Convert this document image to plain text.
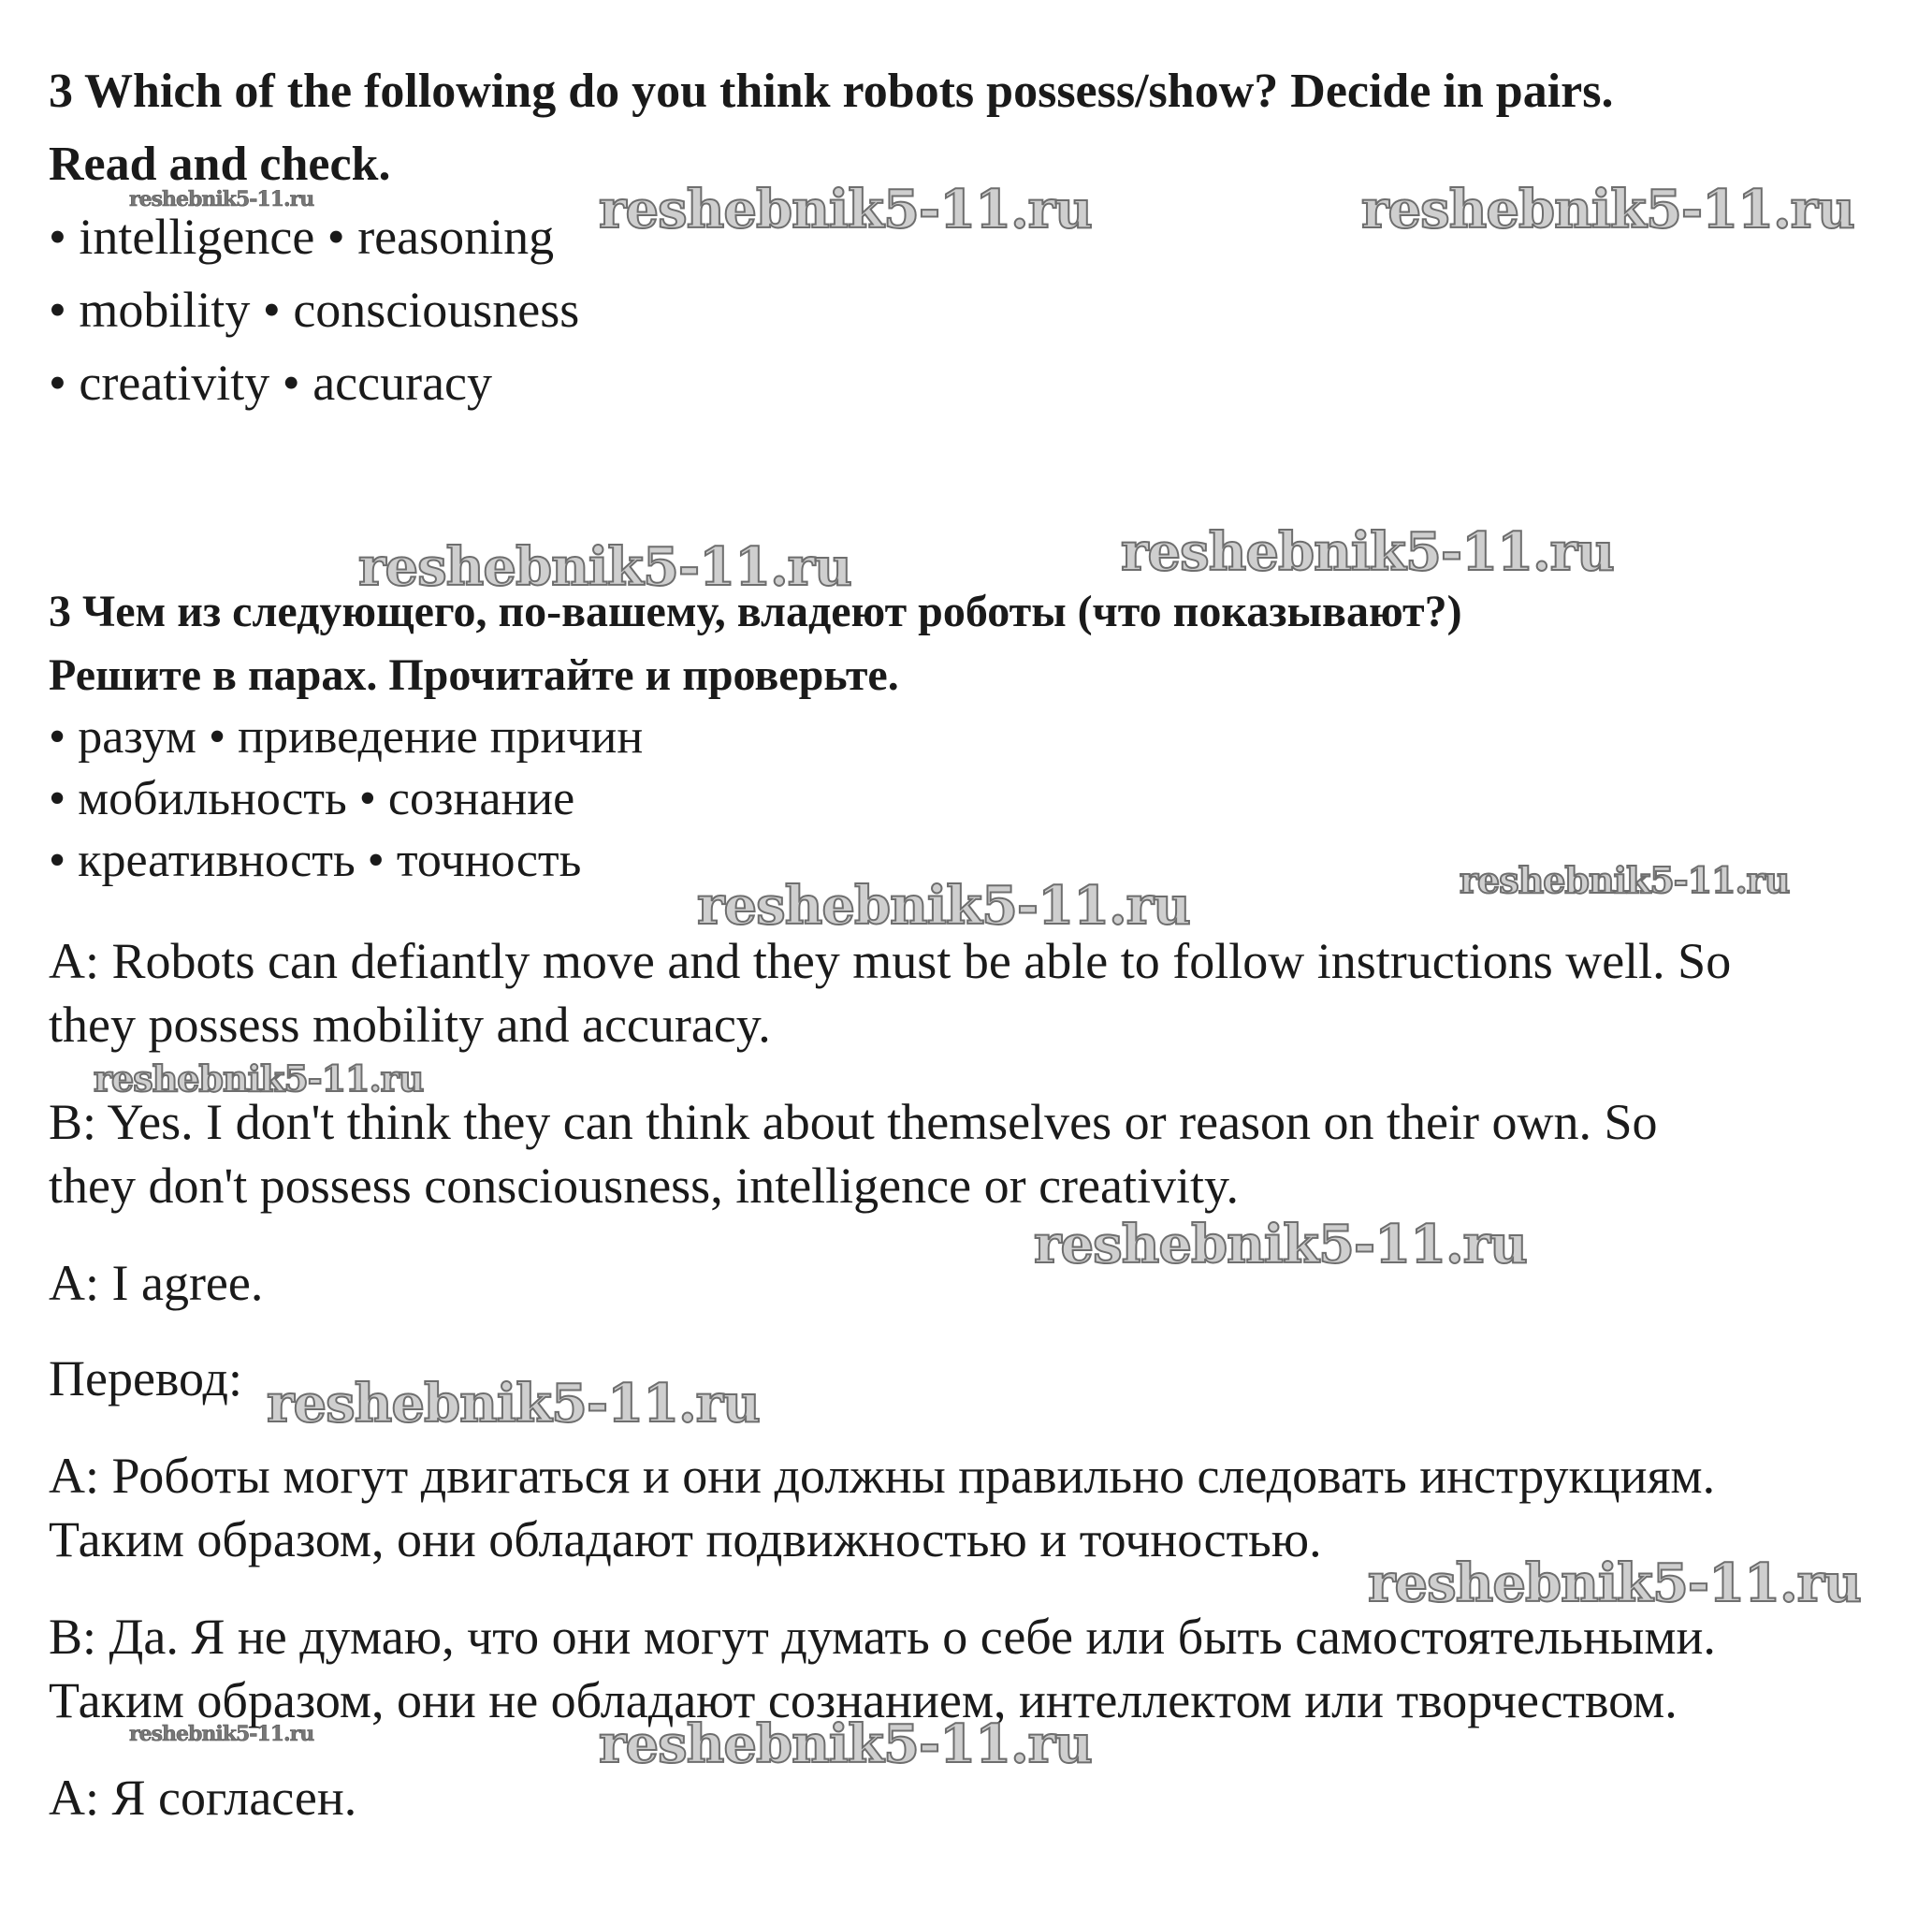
3 Which of the following do you think robots possess/show? Decide in pairs.
Read and check.
• intelligence • reasoning
• mobility • consciousness
• creativity • accuracy
3 Чем из следующего, по-вашему, владеют роботы (что показывают?)
Решите в парах. Прочитайте и проверьте.
• разум • приведение причин
• мобильность • сознание
• креативность • точность
A: Robots can defiantly move and they must be able to follow instructions well. So
they possess mobility and accuracy.
B: Yes. I don't think they can think about themselves or reason on their own. So
they don't possess consciousness, intelligence or creativity.
A: I agree.
Перевод:
А: Роботы могут двигаться и они должны правильно следовать инструкциям.
Таким образом, они обладают подвижностью и точностью.
В: Да. Я не думаю, что они могут думать о себе или быть самостоятельными.
Таким образом, они не обладают сознанием, интеллектом или творчеством.
А: Я согласен.
reshebnik5-11.ru	reshebnik5-11.ru	reshebnik5-11.ru
reshebnik5-11.ru	reshebnik5-11.ru
reshebnik5-11.ru	reshebnik5-11.ru
reshebnik5-11.ru
reshebnik5-11.ru
reshebnik5-11.ru
reshebnik5-11.ru
reshebnik5-11.ru	reshebnik5-11.ru
